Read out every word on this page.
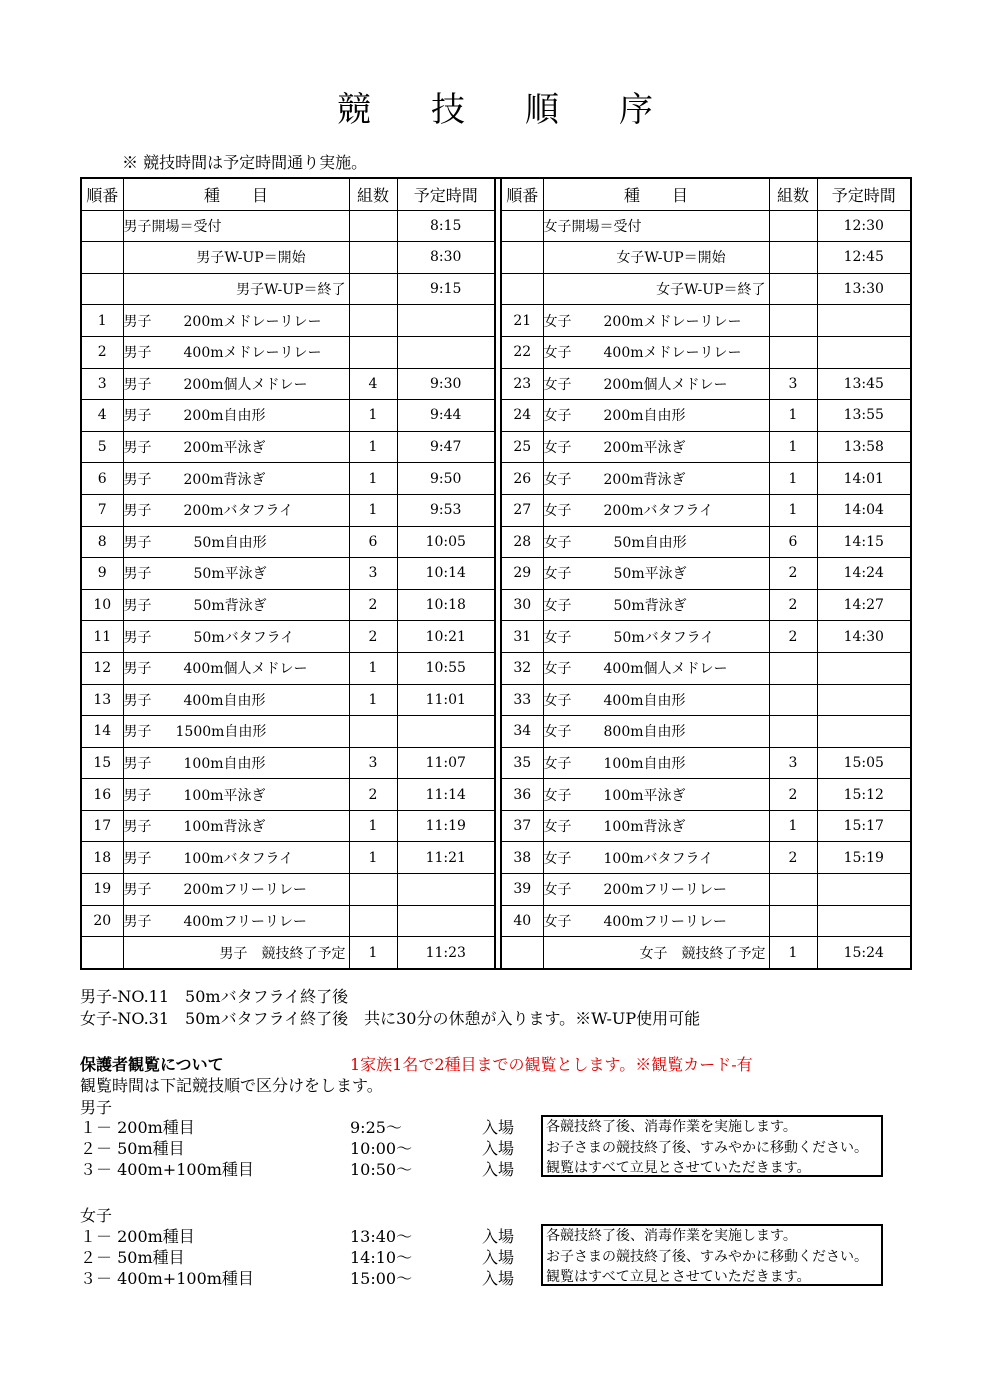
競 技 順 序
※ 競技時間は予定時間通り実施。
順番	種　　目	組数	予定時間		順番	種　　目	組数	予定時間
	男子開場＝受付		8:15			女子開場＝受付		12:30
	男子W-UP＝開始		8:30			女子W-UP＝開始		12:45
	男子W-UP＝終了		9:15			女子W-UP＝終了		13:30
1	男子 200mメドレーリレー				21	女子 200mメドレーリレー		
2	男子 400mメドレーリレー				22	女子 400mメドレーリレー		
3	男子 200m個人メドレー	4	9:30		23	女子 200m個人メドレー	3	13:45
4	男子 200m自由形	1	9:44		24	女子 200m自由形	1	13:55
5	男子 200m平泳ぎ	1	9:47		25	女子 200m平泳ぎ	1	13:58
6	男子 200m背泳ぎ	1	9:50		26	女子 200m背泳ぎ	1	14:01
7	男子 200mバタフライ	1	9:53		27	女子 200mバタフライ	1	14:04
8	男子 50m自由形	6	10:05		28	女子 50m自由形	6	14:15
9	男子 50m平泳ぎ	3	10:14		29	女子 50m平泳ぎ	2	14:24
10	男子 50m背泳ぎ	2	10:18		30	女子 50m背泳ぎ	2	14:27
11	男子 50mバタフライ	2	10:21		31	女子 50mバタフライ	2	14:30
12	男子 400m個人メドレー	1	10:55		32	女子 400m個人メドレー		
13	男子 400m自由形	1	11:01		33	女子 400m自由形		
14	男子 1500m自由形				34	女子 800m自由形		
15	男子 100m自由形	3	11:07		35	女子 100m自由形	3	15:05
16	男子 100m平泳ぎ	2	11:14		36	女子 100m平泳ぎ	2	15:12
17	男子 100m背泳ぎ	1	11:19		37	女子 100m背泳ぎ	1	15:17
18	男子 100mバタフライ	1	11:21		38	女子 100mバタフライ	2	15:19
19	男子 200mフリーリレー				39	女子 200mフリーリレー		
20	男子 400mフリーリレー				40	女子 400mフリーリレー		
	男子　競技終了予定	1	11:23			女子　競技終了予定	1	15:24
男子-NO.11　50mバタフライ終了後
女子-NO.31　50mバタフライ終了後　共に30分の休憩が入ります。※W-UP使用可能
保護者観覧について	1家族1名で2種目までの観覧とします。※観覧カード-有
観覧時間は下記競技順で区分けをします。
男子
１－ 200m種目	9:25～	入場
２－ 50m種目	10:00～	入場
３－ 400m+100m種目	10:50～	入場
各競技終了後、消毒作業を実施します。
お子さまの競技終了後、すみやかに移動ください。
観覧はすべて立見とさせていただきます。
女子
１－ 200m種目	13:40～	入場
２－ 50m種目	14:10～	入場
３－ 400m+100m種目	15:00～	入場
各競技終了後、消毒作業を実施します。
お子さまの競技終了後、すみやかに移動ください。
観覧はすべて立見とさせていただきます。
